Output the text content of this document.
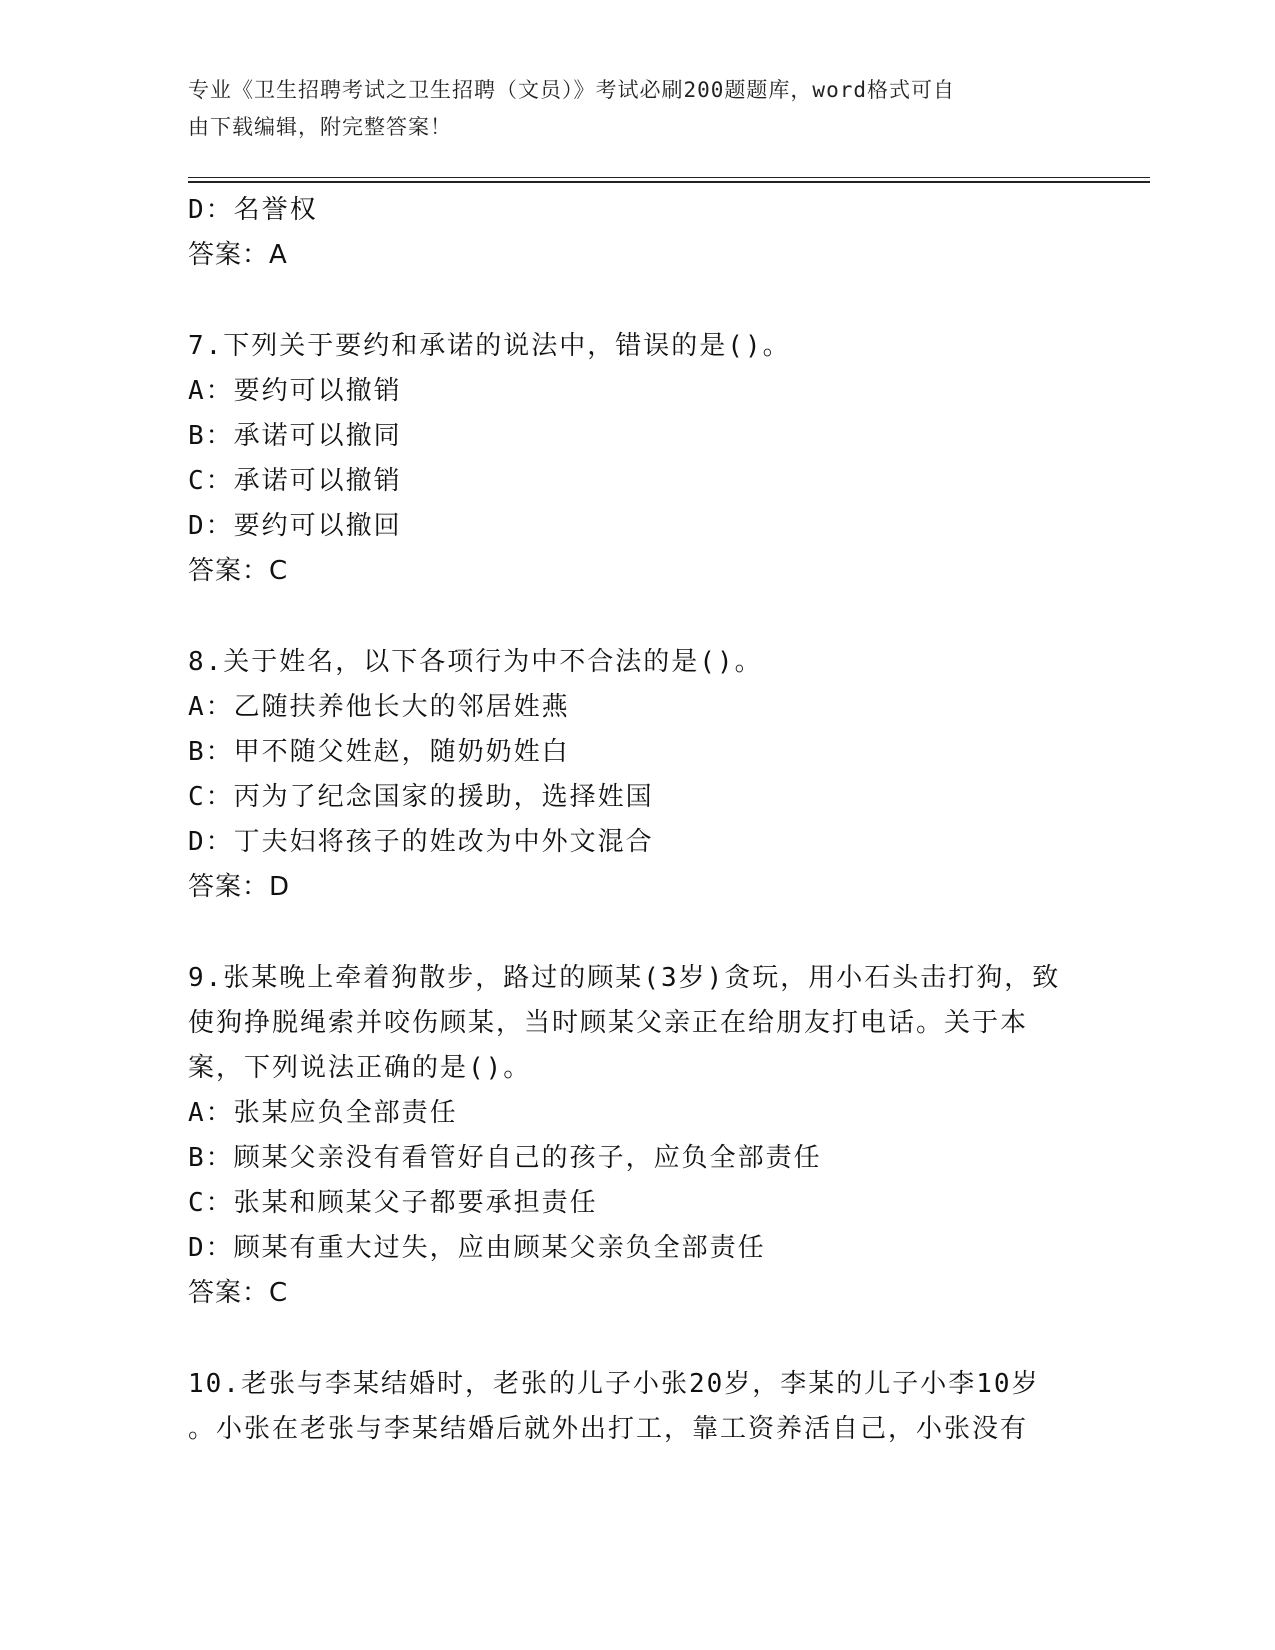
专业《卫生招聘考试之卫生招聘（文员）》考试必刷200题题库，word格式可自
由下载编辑，附完整答案！
D：名誉权
答案：A
7.下列关于要约和承诺的说法中，错误的是()。
A：要约可以撤销
B：承诺可以撤同
C：承诺可以撤销
D：要约可以撤回
答案：C
8.关于姓名，以下各项行为中不合法的是()。
A：乙随扶养他长大的邻居姓燕
B：甲不随父姓赵，随奶奶姓白
C：丙为了纪念国家的援助，选择姓国
D：丁夫妇将孩子的姓改为中外文混合
答案：D
9.张某晚上牵着狗散步，路过的顾某(3岁)贪玩，用小石头击打狗，致
使狗挣脱绳索并咬伤顾某，当时顾某父亲正在给朋友打电话。关于本
案，下列说法正确的是()。
A：张某应负全部责任
B：顾某父亲没有看管好自己的孩子，应负全部责任
C：张某和顾某父子都要承担责任
D：顾某有重大过失，应由顾某父亲负全部责任
答案：C
10.老张与李某结婚时，老张的儿子小张20岁，李某的儿子小李10岁
。小张在老张与李某结婚后就外出打工，靠工资养活自己，小张没有
